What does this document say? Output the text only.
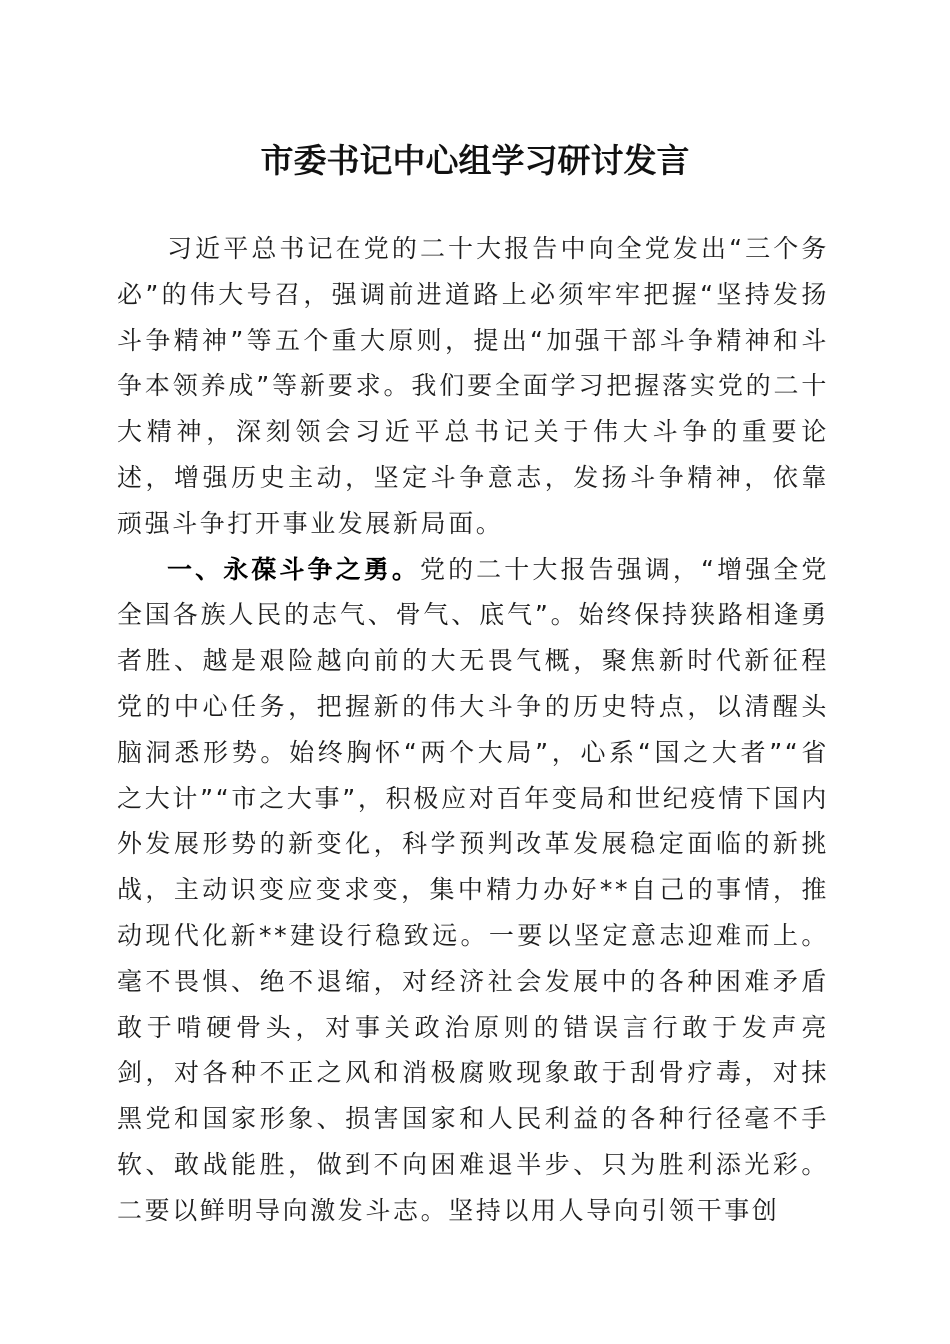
市委书记中心组学习研讨发言

习近平总书记在党的二十大报告中向全党发出“三个务必”的伟大号召，强调前进道路上必须牢牢把握“坚持发扬斗争精神”等五个重大原则，提出“加强干部斗争精神和斗争本领养成”等新要求。我们要全面学习把握落实党的二十大精神，深刻领会习近平总书记关于伟大斗争的重要论述，增强历史主动，坚定斗争意志，发扬斗争精神，依靠顽强斗争打开事业发展新局面。

一、永葆斗争之勇。党的二十大报告强调，“增强全党全国各族人民的志气、骨气、底气”。始终保持狭路相逢勇者胜、越是艰险越向前的大无畏气概，聚焦新时代新征程党的中心任务，把握新的伟大斗争的历史特点，以清醒头脑洞悉形势。始终胸怀“两个大局”，心系“国之大者”“省之大计”“市之大事”，积极应对百年变局和世纪疫情下国内外发展形势的新变化，科学预判改革发展稳定面临的新挑战，主动识变应变求变，集中精力办好**自己的事情，推动现代化新**建设行稳致远。一要以坚定意志迎难而上。毫不畏惧、绝不退缩，对经济社会发展中的各种困难矛盾敢于啃硬骨头，对事关政治原则的错误言行敢于发声亮剑，对各种不正之风和消极腐败现象敢于刮骨疗毒，对抹黑党和国家形象、损害国家和人民利益的各种行径毫不手软、敢战能胜，做到不向困难退半步、只为胜利添光彩。二要以鲜明导向激发斗志。坚持以用人导向引领干事创
